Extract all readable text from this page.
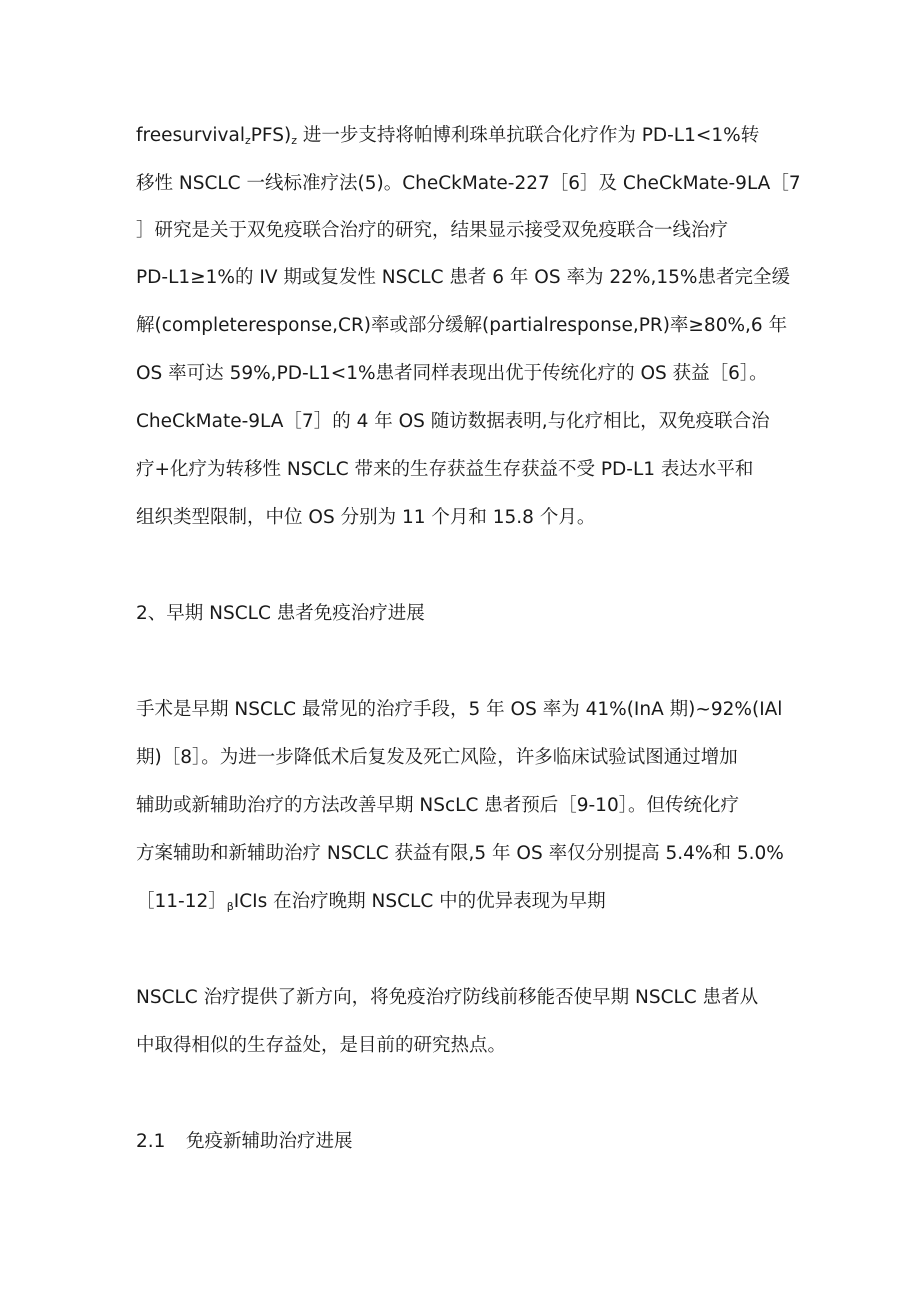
$freesurvival_zPFS)_z$ 进一步支持将帕博利珠单抗联合化疗作为 PD-L1<1%转
移性 NSCLC 一线标准疗法(5)。CheCkMate-227［6］及 CheCkMate-9LA［7
］研究是关于双免疫联合治疗的研究，结果显示接受双免疫联合一线治疗
PD-L1≥1%的 IV 期或复发性 NSCLC 患者 6 年 OS 率为 22%,15%患者完全缓
解(completeresponse,CR)率或部分缓解(partialresponse,PR)率≥80%,6 年
OS 率可达 59%,PD-L1<1%患者同样表现出优于传统化疗的 OS 获益［6］。
CheCkMate-9LA［7］的 4 年 OS 随访数据表明,与化疗相比，双免疫联合治
疗+化疗为转移性 NSCLC 带来的生存获益生存获益不受 PD-L1 表达水平和
组织类型限制，中位 OS 分别为 11 个月和 15.8 个月。
2、早期 NSCLC 患者免疫治疗进展
手术是早期 NSCLC 最常见的治疗手段，5 年 OS 率为 41%(InA 期)~92%(IAl
期)［8］。为进一步降低术后复发及死亡风险，许多临床试验试图通过增加
辅助或新辅助治疗的方法改善早期 NScLC 患者预后［9-10］。但传统化疗
方案辅助和新辅助治疗 NSCLC 获益有限,5 年 OS 率仅分别提高 5.4%和 5.0%
$[11-12]_\beta ICIs$ 在治疗晚期 NSCLC 中的优异表现为早期
NSCLC 治疗提供了新方向，将免疫治疗防线前移能否使早期 NSCLC 患者从
中取得相似的生存益处，是目前的研究热点。
2.1 免疫新辅助治疗进展
